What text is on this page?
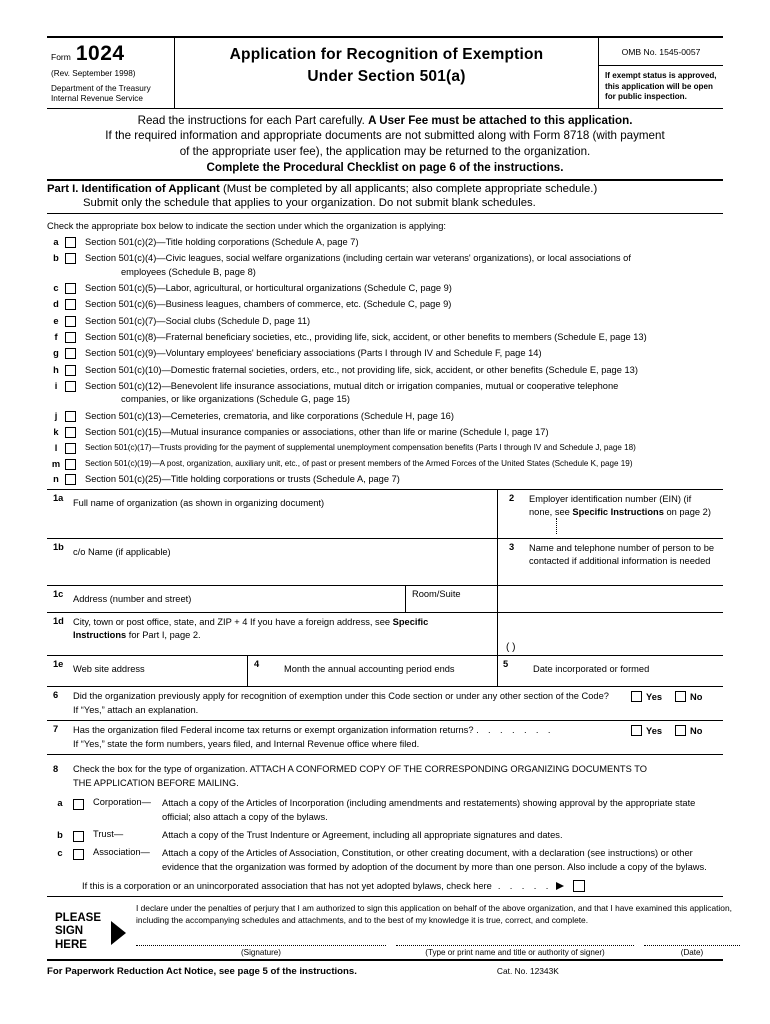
Form 1024
(Rev. September 1998)
Department of the Treasury
Internal Revenue Service
Application for Recognition of Exemption
Under Section 501(a)
OMB No. 1545-0057
If exempt status is approved, this application will be open for public inspection.
Read the instructions for each Part carefully. A User Fee must be attached to this application.
If the required information and appropriate documents are not submitted along with Form 8718 (with payment
of the appropriate user fee), the application may be returned to the organization.
Complete the Procedural Checklist on page 6 of the instructions.
Part I. Identification of Applicant (Must be completed by all applicants; also complete appropriate schedule.)
Submit only the schedule that applies to your organization. Do not submit blank schedules.
Check the appropriate box below to indicate the section under which the organization is applying:
a	Section 501(c)(2)—Title holding corporations (Schedule A, page 7)
b	Section 501(c)(4)—Civic leagues, social welfare organizations (including certain war veterans' organizations), or local associations of
employees (Schedule B, page 8)
c	Section 501(c)(5)—Labor, agricultural, or horticultural organizations (Schedule C, page 9)
d	Section 501(c)(6)—Business leagues, chambers of commerce, etc. (Schedule C, page 9)
e	Section 501(c)(7)—Social clubs (Schedule D, page 11)
f	Section 501(c)(8)—Fraternal beneficiary societies, etc., providing life, sick, accident, or other benefits to members (Schedule E, page 13)
g	Section 501(c)(9)—Voluntary employees' beneficiary associations (Parts I through IV and Schedule F, page 14)
h	Section 501(c)(10)—Domestic fraternal societies, orders, etc., not providing life, sick, accident, or other benefits (Schedule E, page 13)
i	Section 501(c)(12)—Benevolent life insurance associations, mutual ditch or irrigation companies, mutual or cooperative telephone
companies, or like organizations (Schedule G, page 15)
j	Section 501(c)(13)—Cemeteries, crematoria, and like corporations (Schedule H, page 16)
k	Section 501(c)(15)—Mutual insurance companies or associations, other than life or marine (Schedule I, page 17)
l	Section 501(c)(17)—Trusts providing for the payment of supplemental unemployment compensation benefits (Parts I through IV and Schedule J, page 18)
m	Section 501(c)(19)—A post, organization, auxiliary unit, etc., of past or present members of the Armed Forces of the United States (Schedule K, page 19)
n	Section 501(c)(25)—Title holding corporations or trusts (Schedule A, page 7)
1a Full name of organization (as shown in organizing document)	2	Employer identification number (EIN) (if none, see Specific Instructions on page 2)
1b c/o Name (if applicable)	3	Name and telephone number of person to be contacted if additional information is needed
1c Address (number and street)	Room/Suite
1d City, town or post office, state, and ZIP + 4 If you have a foreign address, see Specific
Instructions for Part I, page 2.
( )
1e Web site address	4	Month the annual accounting period ends	5	Date incorporated or formed
6	Did the organization previously apply for recognition of exemption under this Code section or under any other section of the Code?
If “Yes,” attach an explanation.
Yes	No
7	Has the organization filed Federal income tax returns or exempt organization information returns? . . . . . . .
If “Yes,” state the form numbers, years filed, and Internal Revenue office where filed.
Yes	No
8	Check the box for the type of organization. ATTACH A CONFORMED COPY OF THE CORRESPONDING ORGANIZING DOCUMENTS TO
THE APPLICATION BEFORE MAILING.
a	Corporation—	Attach a copy of the Articles of Incorporation (including amendments and restatements) showing approval by the appropriate state official; also attach a copy of the bylaws.
b	Trust—	Attach a copy of the Trust Indenture or Agreement, including all appropriate signatures and dates.
c	Association—	Attach a copy of the Articles of Association, Constitution, or other creating document, with a declaration (see instructions) or other evidence that the organization was formed by adoption of the document by more than one person. Also include a copy of the bylaws.
If this is a corporation or an unincorporated association that has not yet adopted bylaws, check here . . . . .
PLEASE
SIGN
HERE
I declare under the penalties of perjury that I am authorized to sign this application on behalf of the above organization, and that I have examined this application, including the accompanying schedules and attachments, and to the best of my knowledge it is true, correct, and complete.
(Signature)	(Type or print name and title or authority of signer)	(Date)
For Paperwork Reduction Act Notice, see page 5 of the instructions.	Cat. No. 12343K
